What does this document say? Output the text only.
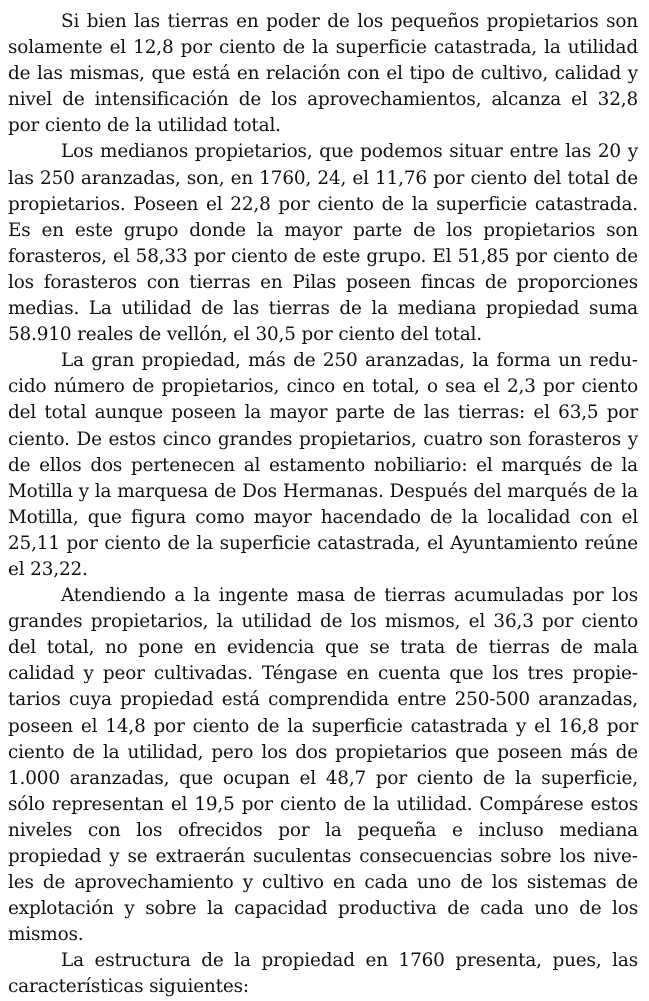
Si bien las tierras en poder de los pequeños propietarios son solamente el 12,8 por ciento de la superficie catastrada, la utilidad de las mismas, que está en relación con el tipo de cultivo, calidad y nivel de intensificación de los aprovechamientos, alcanza el 32,8 por ciento de la utilidad total.

Los medianos propietarios, que podemos situar entre las 20 y las 250 aranzadas, son, en 1760, 24, el 11,76 por ciento del total de propietarios. Poseen el 22,8 por ciento de la superficie catastrada. Es en este grupo donde la mayor parte de los propietarios son forasteros, el 58,33 por ciento de este grupo. El 51,85 por ciento de los forasteros con tierras en Pilas poseen fincas de proporciones medias. La utilidad de las tierras de la mediana propiedad suma 58.910 reales de vellón, el 30,5 por ciento del total.

La gran propiedad, más de 250 aranzadas, la forma un reducido número de propietarios, cinco en total, o sea el 2,3 por ciento del total aunque poseen la mayor parte de las tierras: el 63,5 por ciento. De estos cinco grandes propietarios, cuatro son forasteros y de ellos dos pertenecen al estamento nobiliario: el marqués de la Motilla y la marquesa de Dos Hermanas. Después del marqués de la Motilla, que figura como mayor hacendado de la localidad con el 25,11 por ciento de la superficie catastrada, el Ayuntamiento reúne el 23,22.

Atendiendo a la ingente masa de tierras acumuladas por los grandes propietarios, la utilidad de los mismos, el 36,3 por ciento del total, no pone en evidencia que se trata de tierras de mala calidad y peor cultivadas. Téngase en cuenta que los tres propietarios cuya propiedad está comprendida entre 250-500 aranzadas, poseen el 14,8 por ciento de la superficie catastrada y el 16,8 por ciento de la utilidad, pero los dos propietarios que poseen más de 1.000 aranzadas, que ocupan el 48,7 por ciento de la superficie, sólo representan el 19,5 por ciento de la utilidad. Compárese estos niveles con los ofrecidos por la pequeña e incluso mediana propiedad y se extraerán suculentas consecuencias sobre los niveles de aprovechamiento y cultivo en cada uno de los sistemas de explotación y sobre la capacidad productiva de cada uno de los mismos.

La estructura de la propiedad en 1760 presenta, pues, las características siguientes:
